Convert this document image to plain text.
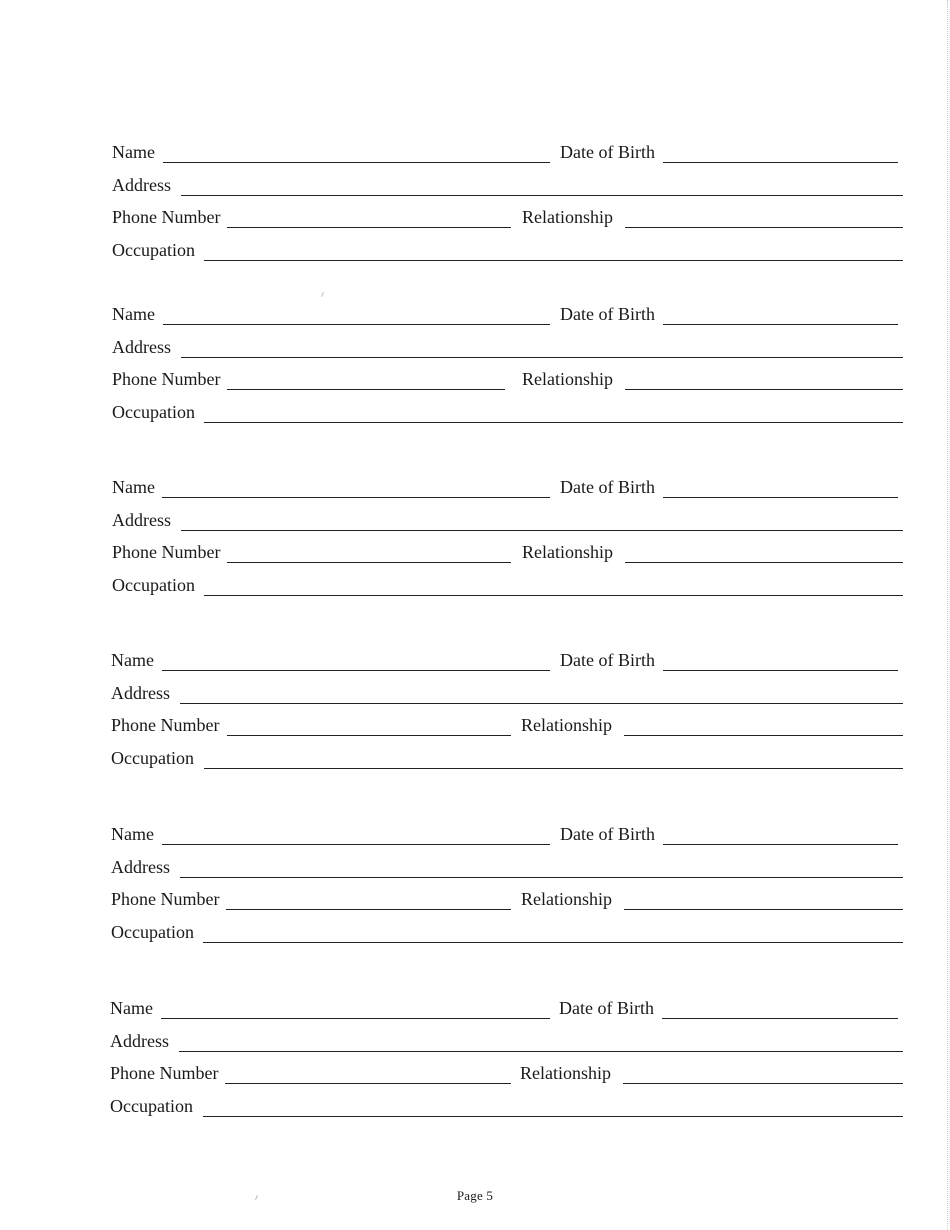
Name	Date of Birth
Address
Phone Number	Relationship
Occupation
Name	Date of Birth
Address
Phone Number	Relationship
Occupation
Name	Date of Birth
Address
Phone Number	Relationship
Occupation
Name	Date of Birth
Address
Phone Number	Relationship
Occupation
Name	Date of Birth
Address
Phone Number	Relationship
Occupation
Name	Date of Birth
Address
Phone Number	Relationship
Occupation
Page 5
